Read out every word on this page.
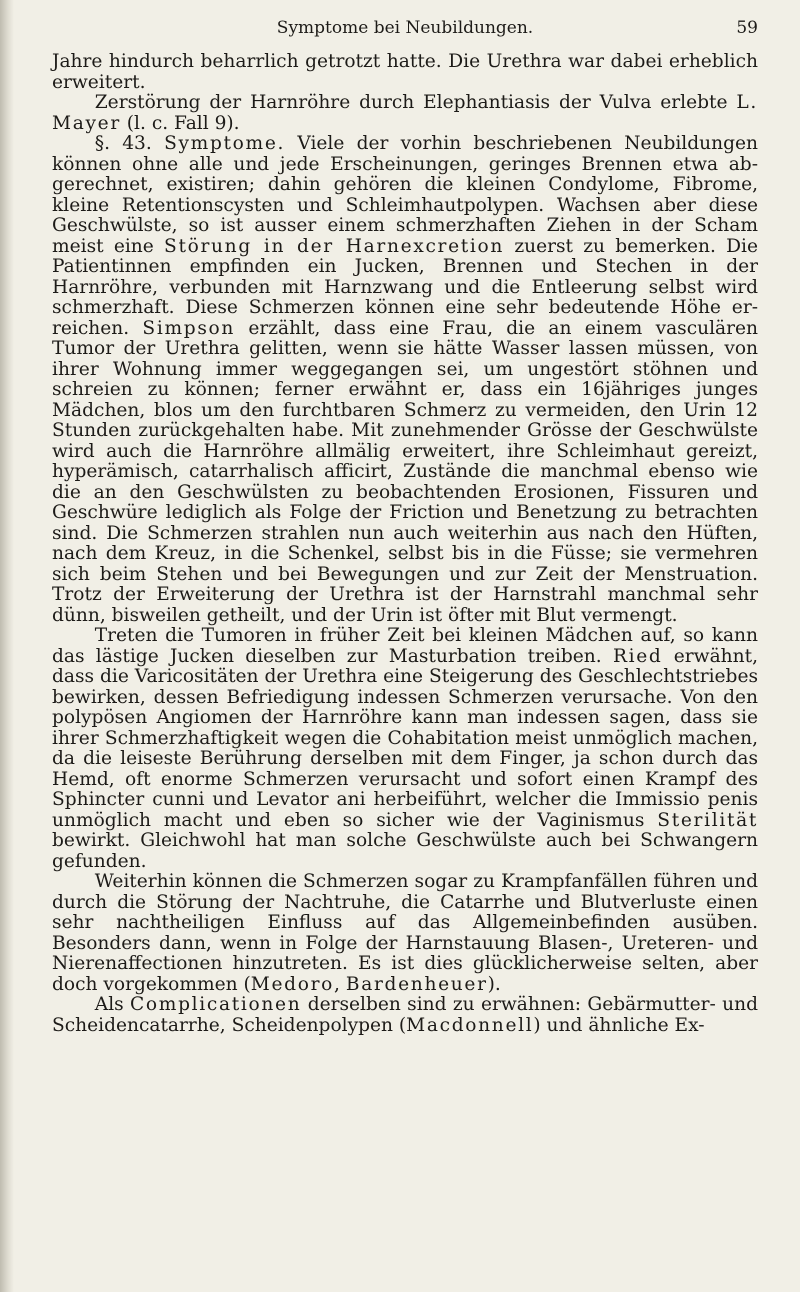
Symptome bei Neubildungen.	59

Jahre hindurch beharrlich getrotzt hatte. Die Urethra war dabei erheblich erweitert.

Zerstörung der Harnröhre durch Elephantiasis der Vulva erlebte L. Mayer (l. c. Fall 9).

§. 43. Symptome. Viele der vorhin beschriebenen Neubildungen können ohne alle und jede Erscheinungen, geringes Brennen etwa abgerechnet, existiren; dahin gehören die kleinen Condylome, Fibrome, kleine Retentionscysten und Schleimhautpolypen. Wachsen aber diese Geschwülste, so ist ausser einem schmerzhaften Ziehen in der Scham meist eine Störung in der Harnexcretion zuerst zu bemerken. Die Patientinnen empfinden ein Jucken, Brennen und Stechen in der Harnröhre, verbunden mit Harnzwang und die Entleerung selbst wird schmerzhaft. Diese Schmerzen können eine sehr bedeutende Höhe erreichen. Simpson erzählt, dass eine Frau, die an einem vasculären Tumor der Urethra gelitten, wenn sie hätte Wasser lassen müssen, von ihrer Wohnung immer weggegangen sei, um ungestört stöhnen und schreien zu können; ferner erwähnt er, dass ein 16jähriges junges Mädchen, blos um den furchtbaren Schmerz zu vermeiden, den Urin 12 Stunden zurückgehalten habe. Mit zunehmender Grösse der Geschwülste wird auch die Harnröhre allmälig erweitert, ihre Schleimhaut gereizt, hyperämisch, catarrhalisch afficirt, Zustände die manchmal ebenso wie die an den Geschwülsten zu beobachtenden Erosionen, Fissuren und Geschwüre lediglich als Folge der Friction und Benetzung zu betrachten sind. Die Schmerzen strahlen nun auch weiterhin aus nach den Hüften, nach dem Kreuz, in die Schenkel, selbst bis in die Füsse; sie vermehren sich beim Stehen und bei Bewegungen und zur Zeit der Menstruation. Trotz der Erweiterung der Urethra ist der Harnstrahl manchmal sehr dünn, bisweilen getheilt, und der Urin ist öfter mit Blut vermengt.

Treten die Tumoren in früher Zeit bei kleinen Mädchen auf, so kann das lästige Jucken dieselben zur Masturbation treiben. Ried erwähnt, dass die Varicositäten der Urethra eine Steigerung des Geschlechtstriebes bewirken, dessen Befriedigung indessen Schmerzen verursache. Von den polypösen Angiomen der Harnröhre kann man indessen sagen, dass sie ihrer Schmerzhaftigkeit wegen die Cohabitation meist unmöglich machen, da die leiseste Berührung derselben mit dem Finger, ja schon durch das Hemd, oft enorme Schmerzen verursacht und sofort einen Krampf des Sphincter cunni und Levator ani herbeiführt, welcher die Immissio penis unmöglich macht und eben so sicher wie der Vaginismus Sterilität bewirkt. Gleichwohl hat man solche Geschwülste auch bei Schwangern gefunden.

Weiterhin können die Schmerzen sogar zu Krampfanfällen führen und durch die Störung der Nachtruhe, die Catarrhe und Blutverluste einen sehr nachtheiligen Einfluss auf das Allgemeinbefinden ausüben. Besonders dann, wenn in Folge der Harnstauung Blasen-, Ureteren- und Nierenaffectionen hinzutreten. Es ist dies glücklicherweise selten, aber doch vorgekommen (Medoro, Bardenheuer).

Als Complicationen derselben sind zu erwähnen: Gebärmutter- und Scheidencatarrhe, Scheidenpolypen (Macdonnell) und ähnliche Ex-
